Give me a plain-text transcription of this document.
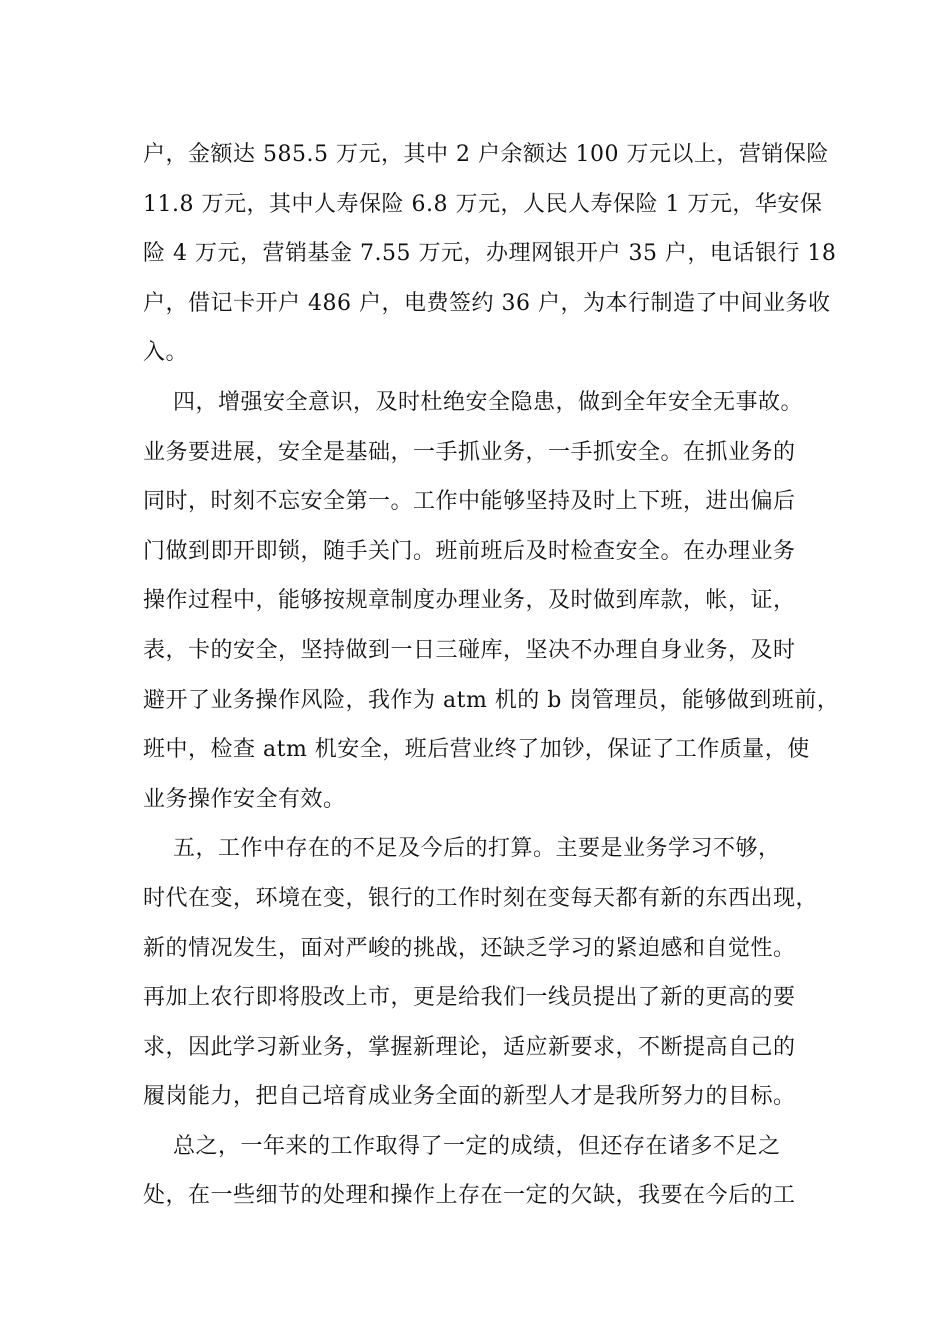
户，金额达 585.5 万元，其中 2 户余额达 100 万元以上，营销保险
11.8 万元，其中人寿保险 6.8 万元，人民人寿保险 1 万元，华安保
险 4 万元，营销基金 7.55 万元，办理网银开户 35 户，电话银行 18
户，借记卡开户 486 户，电费签约 36 户，为本行制造了中间业务收
入。
四，增强安全意识，及时杜绝安全隐患，做到全年安全无事故。
业务要进展，安全是基础，一手抓业务，一手抓安全。在抓业务的
同时，时刻不忘安全第一。工作中能够坚持及时上下班，进出偏后
门做到即开即锁，随手关门。班前班后及时检查安全。在办理业务
操作过程中，能够按规章制度办理业务，及时做到库款，帐，证，
表，卡的安全，坚持做到一日三碰库，坚决不办理自身业务，及时
避开了业务操作风险，我作为 atm 机的 b 岗管理员，能够做到班前，
班中，检查 atm 机安全，班后营业终了加钞，保证了工作质量，使
业务操作安全有效。
五，工作中存在的不足及今后的打算。主要是业务学习不够，
时代在变，环境在变，银行的工作时刻在变每天都有新的东西出现，
新的情况发生，面对严峻的挑战，还缺乏学习的紧迫感和自觉性。
再加上农行即将股改上市，更是给我们一线员提出了新的更高的要
求，因此学习新业务，掌握新理论，适应新要求，不断提高自己的
履岗能力，把自己培育成业务全面的新型人才是我所努力的目标。
总之，一年来的工作取得了一定的成绩，但还存在诸多不足之
处，在一些细节的处理和操作上存在一定的欠缺，我要在今后的工
